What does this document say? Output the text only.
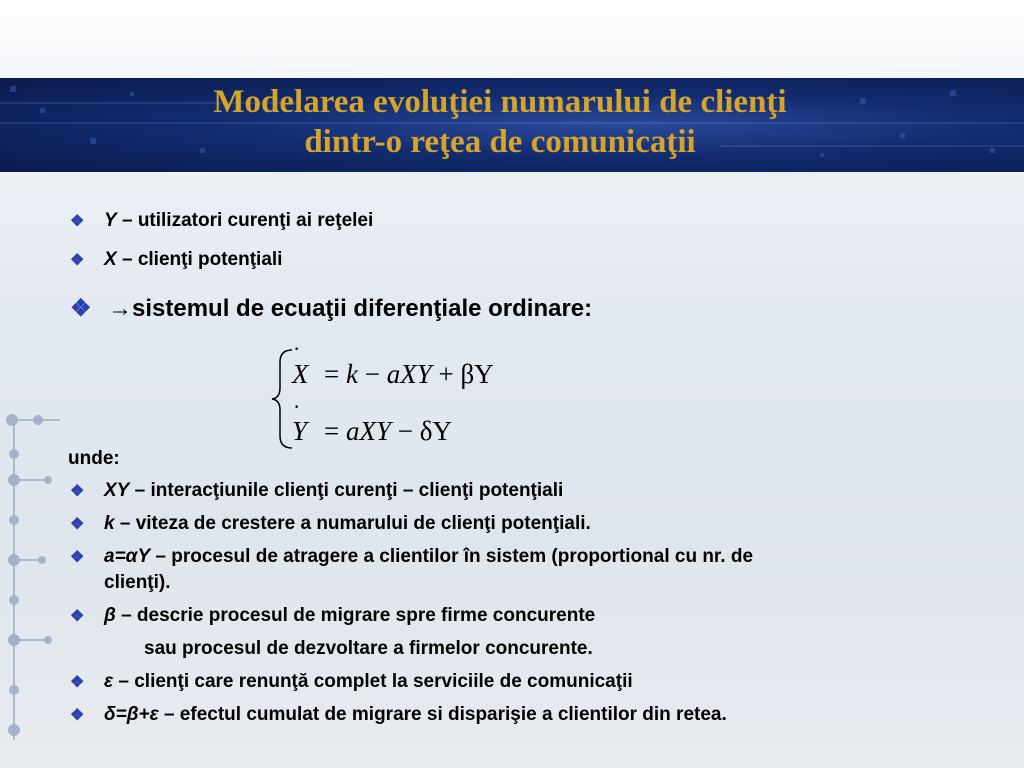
Modelarea evoluţiei numarului de clienţi
dintr-o reţea de comunicaţii
❖ Y – utilizatori curenţi ai reţelei
❖ X – clienţi potenţiali
❖ →sistemul de ecuaţii diferenţiale ordinare:
·
X = k − aXY + βY
·
Y = aXY − δY
unde:
❖ XY – interacţiunile clienţi curenţi – clienţi potenţiali
❖ k – viteza de crestere a numarului de clienţi potenţiali.
❖ a=αY – procesul de atragere a clientilor în sistem (proportional cu nr. de
clienţi).
❖ β – descrie procesul de migrare spre firme concurente
sau procesul de dezvoltare a firmelor concurente.
❖ ε – clienţi care renunţă complet la serviciile de comunicaţii
❖ δ=β+ε – efectul cumulat de migrare si disparişie a clientilor din retea.
